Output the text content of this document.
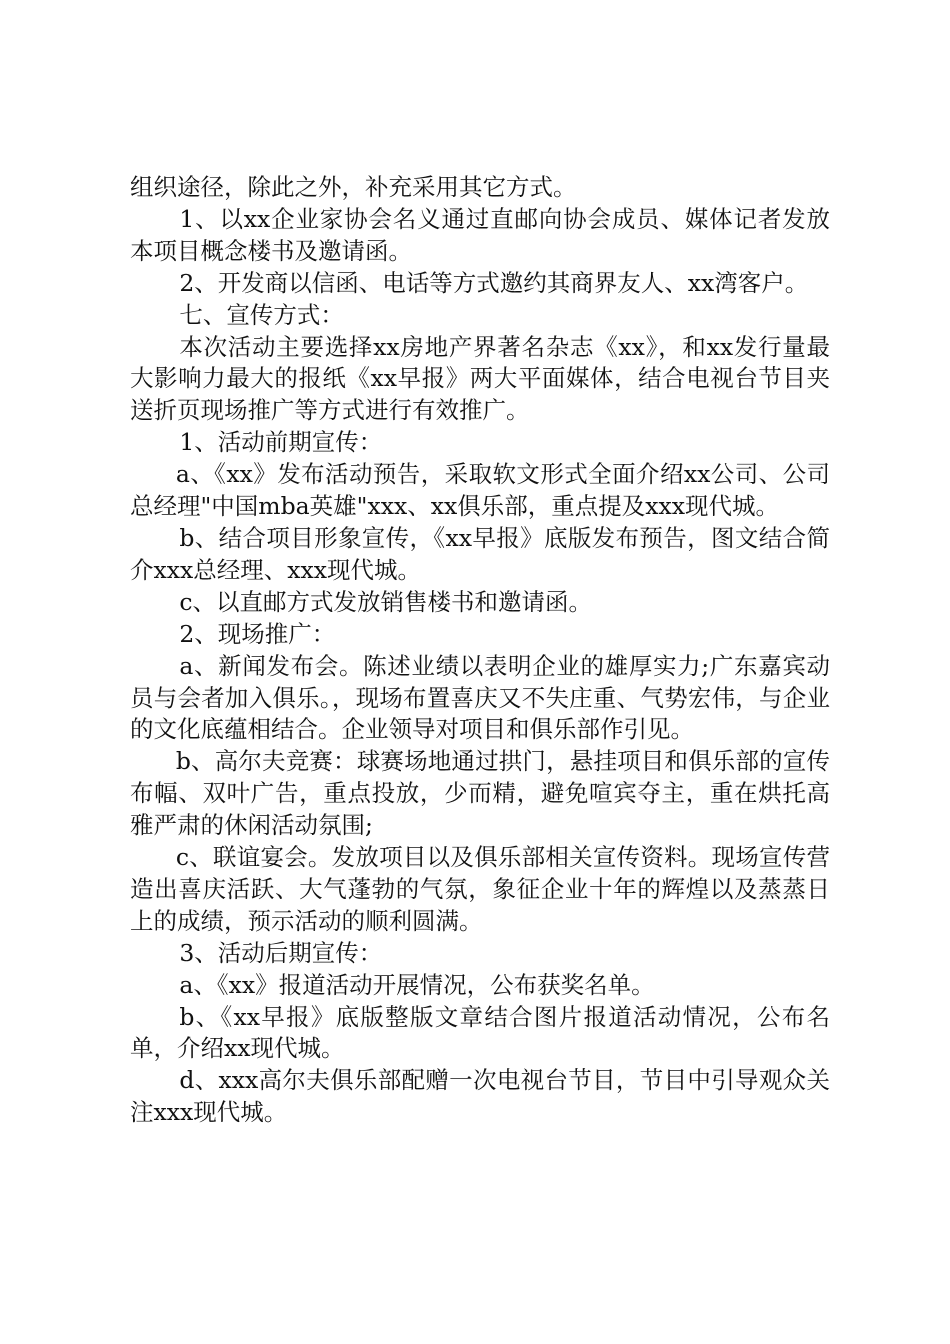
组织途径，除此之外，补充采用其它方式。

1、以xx企业家协会名义通过直邮向协会成员、媒体记者发放本项目概念楼书及邀请函。

2、开发商以信函、电话等方式邀约其商界友人、xx湾客户。

七、宣传方式：

本次活动主要选择xx房地产界著名杂志《xx》，和xx发行量最大影响力最大的报纸《xx早报》两大平面媒体，结合电视台节目夹送折页现场推广等方式进行有效推广。

1、活动前期宣传：

a、《xx》发布活动预告，采取软文形式全面介绍xx公司、公司总经理"中国mba英雄"xxx、xx俱乐部，重点提及xxx现代城。

b、结合项目形象宣传，《xx早报》底版发布预告，图文结合简介xxx总经理、xxx现代城。

c、以直邮方式发放销售楼书和邀请函。

2、现场推广：

a、新闻发布会。陈述业绩以表明企业的雄厚实力;广东嘉宾动员与会者加入俱乐。，现场布置喜庆又不失庄重、气势宏伟，与企业的文化底蕴相结合。企业领导对项目和俱乐部作引见。

b、高尔夫竞赛：球赛场地通过拱门，悬挂项目和俱乐部的宣传布幅、双叶广告，重点投放，少而精，避免喧宾夺主，重在烘托高雅严肃的休闲活动氛围;

c、联谊宴会。发放项目以及俱乐部相关宣传资料。现场宣传营造出喜庆活跃、大气蓬勃的气氛，象征企业十年的辉煌以及蒸蒸日上的成绩，预示活动的顺利圆满。

3、活动后期宣传：

a、《xx》报道活动开展情况，公布获奖名单。

b、《xx早报》底版整版文章结合图片报道活动情况，公布名单，介绍xx现代城。

d、xxx高尔夫俱乐部配赠一次电视台节目，节目中引导观众关注xxx现代城。
